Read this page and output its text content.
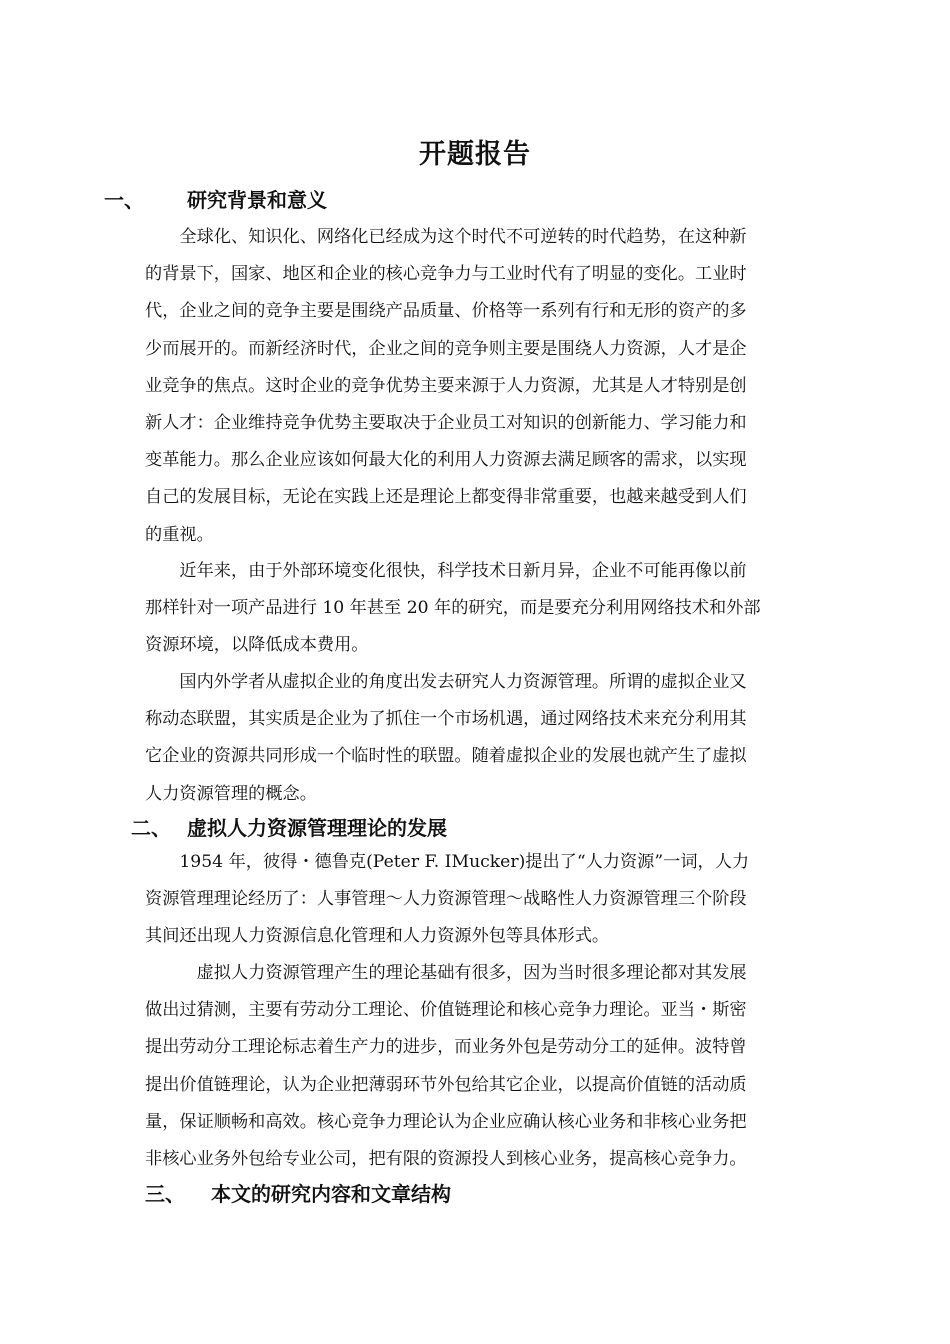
开题报告
一、 研究背景和意义
　　全球化、知识化、网络化已经成为这个时代不可逆转的时代趋势，在这种新
的背景下，国家、地区和企业的核心竞争力与工业时代有了明显的变化。工业时
代，企业之间的竞争主要是围绕产品质量、价格等一系列有行和无形的资产的多
少而展开的。而新经济时代，企业之间的竞争则主要是围绕人力资源，人才是企
业竞争的焦点。这时企业的竞争优势主要来源于人力资源，尤其是人才特别是创
新人才：企业维持竞争优势主要取决于企业员工对知识的创新能力、学习能力和
变革能力。那么企业应该如何最大化的利用人力资源去满足顾客的需求，以实现
自己的发展目标，无论在实践上还是理论上都变得非常重要，也越来越受到人们
的重视。
　　近年来，由于外部环境变化很快，科学技术日新月异，企业不可能再像以前
那样针对一项产品进行 10 年甚至 20 年的研究，而是要充分利用网络技术和外部
资源环境，以降低成本费用。
　　国内外学者从虚拟企业的角度出发去研究人力资源管理。所谓的虚拟企业又
称动态联盟，其实质是企业为了抓住一个市场机遇，通过网络技术来充分利用其
它企业的资源共同形成一个临时性的联盟。随着虚拟企业的发展也就产生了虚拟
人力资源管理的概念。
二、 虚拟人力资源管理理论的发展
　　1954 年，彼得・德鲁克(Peter F. IMucker)提出了“人力资源”一词，人力
资源管理理论经历了：人事管理～人力资源管理～战略性人力资源管理三个阶段
其间还出现人力资源信息化管理和人力资源外包等具体形式。
　　　虚拟人力资源管理产生的理论基础有很多，因为当时很多理论都对其发展
做出过猜测，主要有劳动分工理论、价值链理论和核心竞争力理论。亚当・斯密
提出劳动分工理论标志着生产力的进步，而业务外包是劳动分工的延伸。波特曾
提出价值链理论，认为企业把薄弱环节外包给其它企业，以提高价值链的活动质
量，保证顺畅和高效。核心竞争力理论认为企业应确认核心业务和非核心业务把
非核心业务外包给专业公司，把有限的资源投人到核心业务，提高核心竞争力。
三、 本文的研究内容和文章结构
